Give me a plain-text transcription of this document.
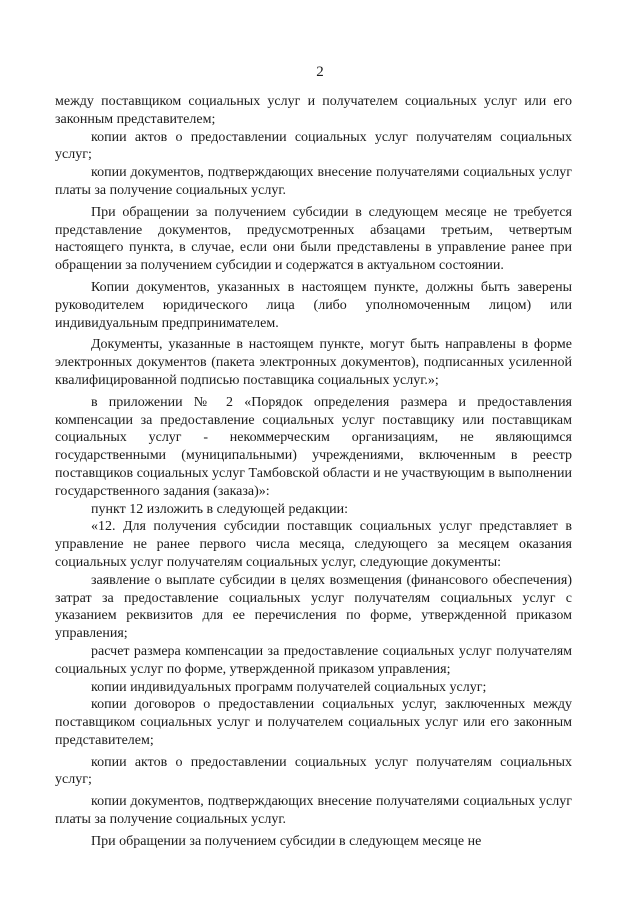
2

между поставщиком социальных услуг и получателем социальных услуг или его законным представителем;

копии актов о предоставлении социальных услуг получателям социальных услуг;

копии документов, подтверждающих внесение получателями социальных услуг платы за получение социальных услуг.

При обращении за получением субсидии в следующем месяце не требуется представление документов, предусмотренных абзацами третьим, четвертым настоящего пункта, в случае, если они были представлены в управление ранее при обращении за получением субсидии и содержатся в актуальном состоянии.

Копии документов, указанных в настоящем пункте, должны быть заверены руководителем юридического лица (либо уполномоченным лицом) или индивидуальным предпринимателем.

Документы, указанные в настоящем пункте, могут быть направлены в форме электронных документов (пакета электронных документов), подписанных усиленной квалифицированной подписью поставщика социальных услуг.»;

в приложении № 2 «Порядок определения размера и предоставления компенсации за предоставление социальных услуг поставщику или поставщикам социальных услуг - некоммерческим организациям, не являющимся государственными (муниципальными) учреждениями, включенным в реестр поставщиков социальных услуг Тамбовской области и не участвующим в выполнении государственного задания (заказа)»:

пункт 12 изложить в следующей редакции:

«12. Для получения субсидии поставщик социальных услуг представляет в управление не ранее первого числа месяца, следующего за месяцем оказания социальных услуг получателям социальных услуг, следующие документы:

заявление о выплате субсидии в целях возмещения (финансового обеспечения) затрат за предоставление социальных услуг получателям социальных услуг с указанием реквизитов для ее перечисления по форме, утвержденной приказом управления;

расчет размера компенсации за предоставление социальных услуг получателям социальных услуг по форме, утвержденной приказом управления;

копии индивидуальных программ получателей социальных услуг;

копии договоров о предоставлении социальных услуг, заключенных между поставщиком социальных услуг и получателем социальных услуг или его законным представителем;

копии актов о предоставлении социальных услуг получателям социальных услуг;

копии документов, подтверждающих внесение получателями социальных услуг платы за получение социальных услуг.

При обращении за получением субсидии в следующем месяце не
